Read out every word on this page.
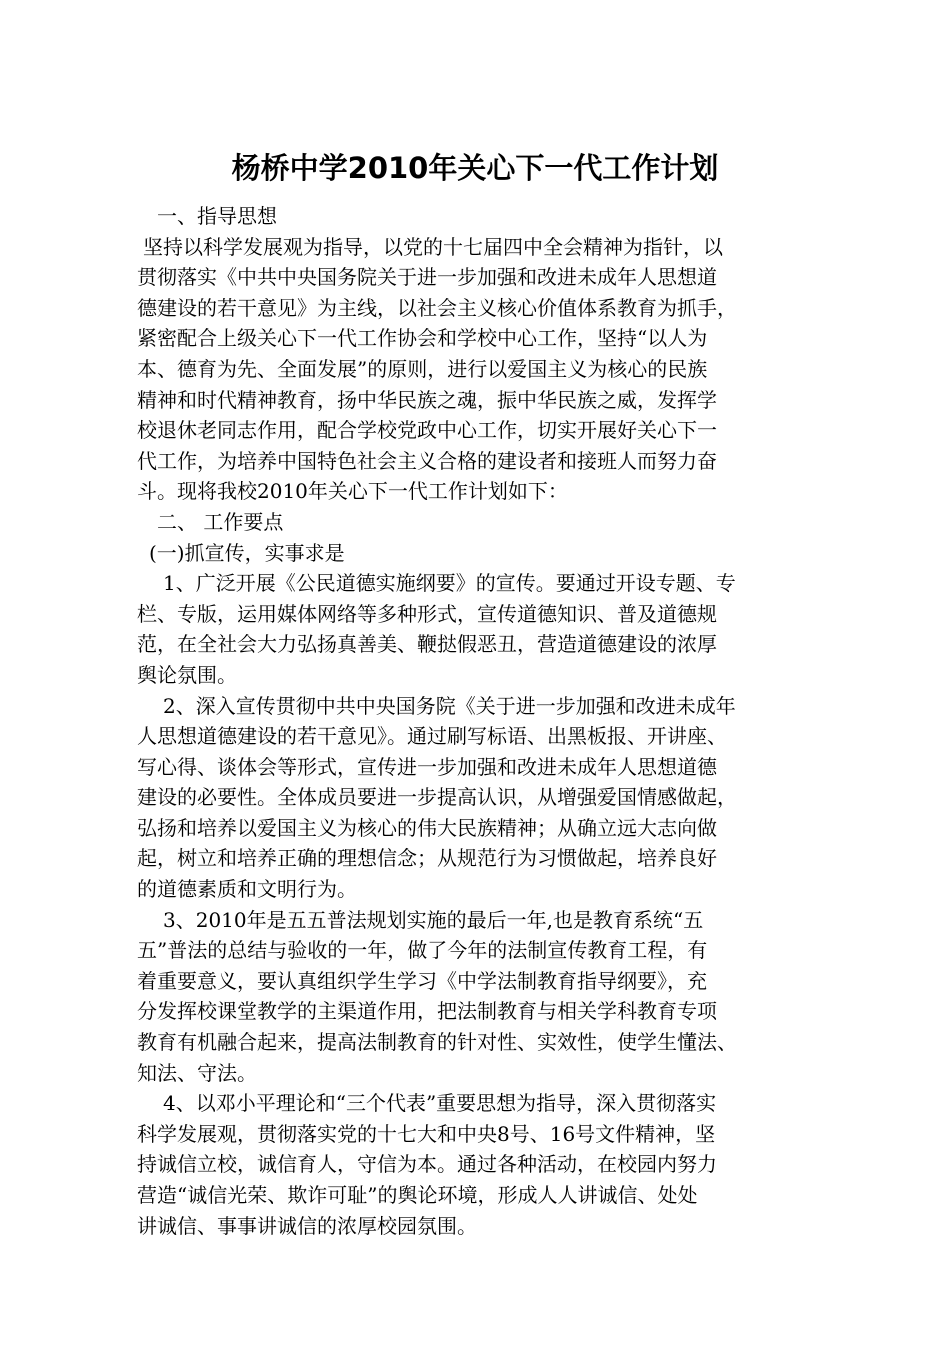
杨桥中学2010年关心下一代工作计划

一、指导思想

坚持以科学发展观为指导，以党的十七届四中全会精神为指针，以

贯彻落实《中共中央国务院关于进一步加强和改进未成年人思想道

德建设的若干意见》为主线，以社会主义核心价值体系教育为抓手，

紧密配合上级关心下一代工作协会和学校中心工作，坚持“以人为

本、德育为先、全面发展”的原则，进行以爱国主义为核心的民族

精神和时代精神教育，扬中华民族之魂，振中华民族之威，发挥学

校退休老同志作用，配合学校党政中心工作，切实开展好关心下一

代工作，为培养中国特色社会主义合格的建设者和接班人而努力奋

斗。现将我校2010年关心下一代工作计划如下：

二、 工作要点

(一)抓宣传，实事求是

1、广泛开展《公民道德实施纲要》的宣传。要通过开设专题、专

栏、专版，运用媒体网络等多种形式，宣传道德知识、普及道德规

范，在全社会大力弘扬真善美、鞭挞假恶丑，营造道德建设的浓厚

舆论氛围。

2、深入宣传贯彻中共中央国务院《关于进一步加强和改进未成年

人思想道德建设的若干意见》。通过刷写标语、出黑板报、开讲座、

写心得、谈体会等形式，宣传进一步加强和改进未成年人思想道德

建设的必要性。全体成员要进一步提高认识，从增强爱国情感做起，

弘扬和培养以爱国主义为核心的伟大民族精神；从确立远大志向做

起，树立和培养正确的理想信念；从规范行为习惯做起，培养良好

的道德素质和文明行为。

3、2010年是五五普法规划实施的最后一年,也是教育系统“五

五”普法的总结与验收的一年，做了今年的法制宣传教育工程，有

着重要意义，要认真组织学生学习《中学法制教育指导纲要》，充

分发挥校课堂教学的主渠道作用，把法制教育与相关学科教育专项

教育有机融合起来，提高法制教育的针对性、实效性，使学生懂法、

知法、守法。

4、以邓小平理论和“三个代表”重要思想为指导，深入贯彻落实

科学发展观，贯彻落实党的十七大和中央8号、16号文件精神，坚

持诚信立校，诚信育人，守信为本。通过各种活动，在校园内努力

营造“诚信光荣、欺诈可耻”的舆论环境，形成人人讲诚信、处处

讲诚信、事事讲诚信的浓厚校园氛围。
